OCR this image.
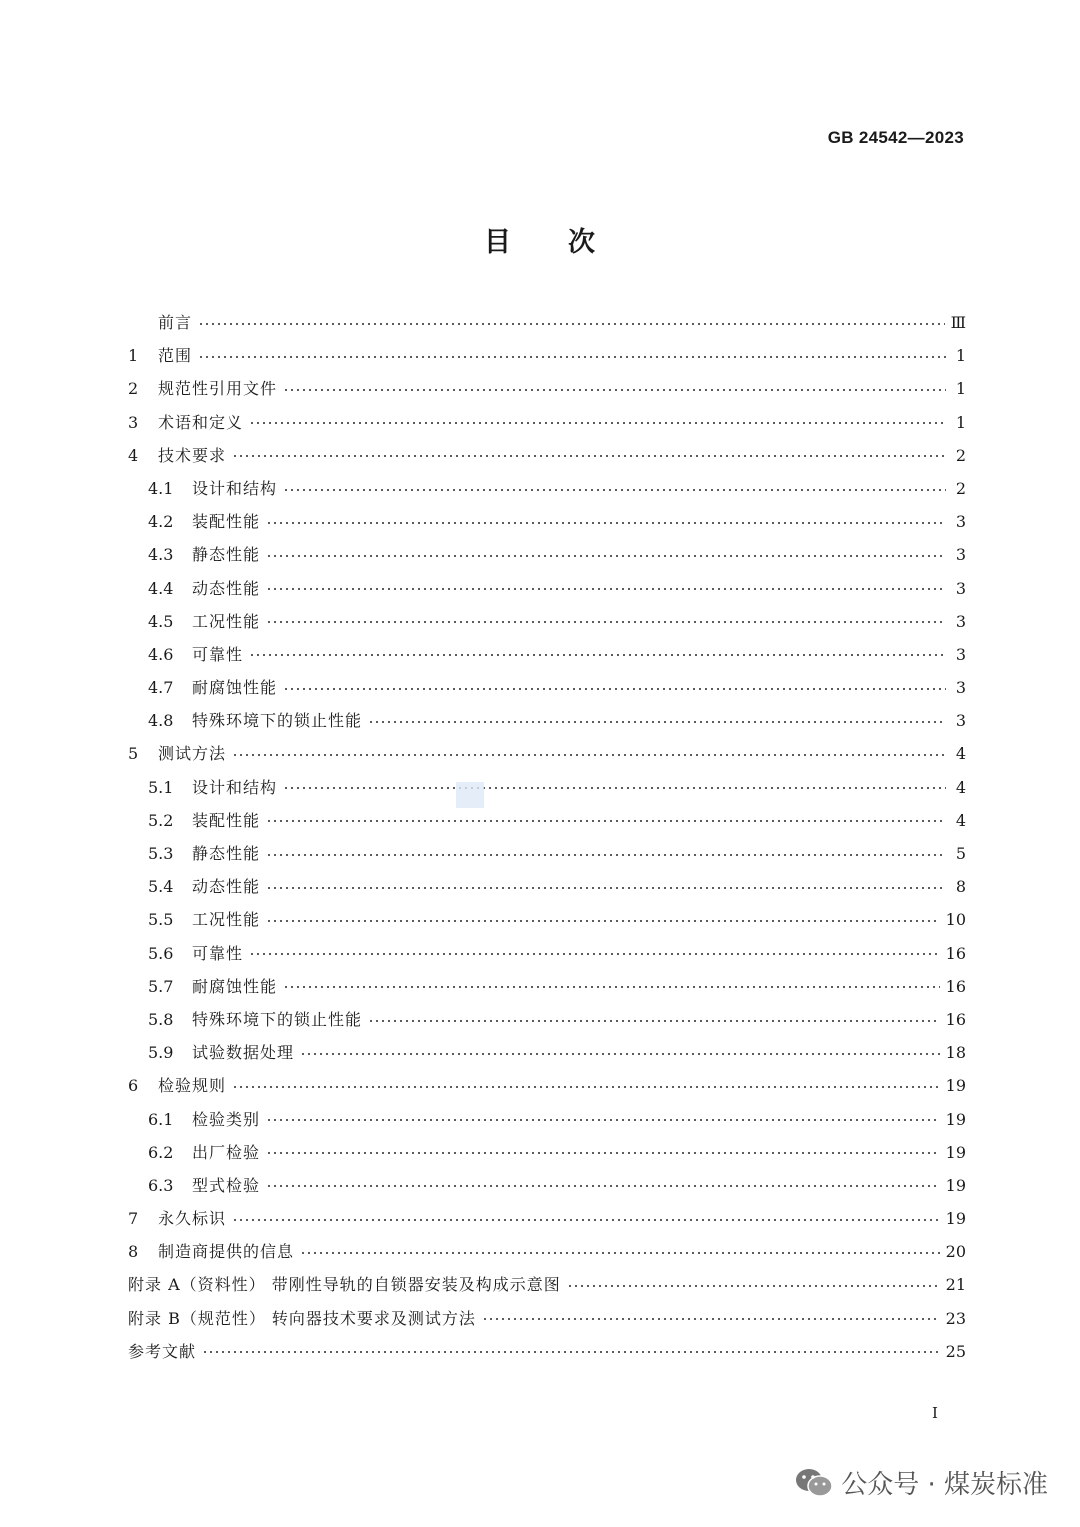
GB 24542—2023
目 次
前言	Ⅲ
1	范围	1
2	规范性引用文件	1
3	术语和定义	1
4	技术要求	2
4.1	设计和结构	2
4.2	装配性能	3
4.3	静态性能	3
4.4	动态性能	3
4.5	工况性能	3
4.6	可靠性	3
4.7	耐腐蚀性能	3
4.8	特殊环境下的锁止性能	3
5	测试方法	4
5.1	设计和结构	4
5.2	装配性能	4
5.3	静态性能	5
5.4	动态性能	8
5.5	工况性能	10
5.6	可靠性	16
5.7	耐腐蚀性能	16
5.8	特殊环境下的锁止性能	16
5.9	试验数据处理	18
6	检验规则	19
6.1	检验类别	19
6.2	出厂检验	19
6.3	型式检验	19
7	永久标识	19
8	制造商提供的信息	20
附录 A（资料性） 带刚性导轨的自锁器安装及构成示意图	21
附录 B（规范性） 转向器技术要求及测试方法	23
参考文献	25
I
公众号 · 煤炭标准
